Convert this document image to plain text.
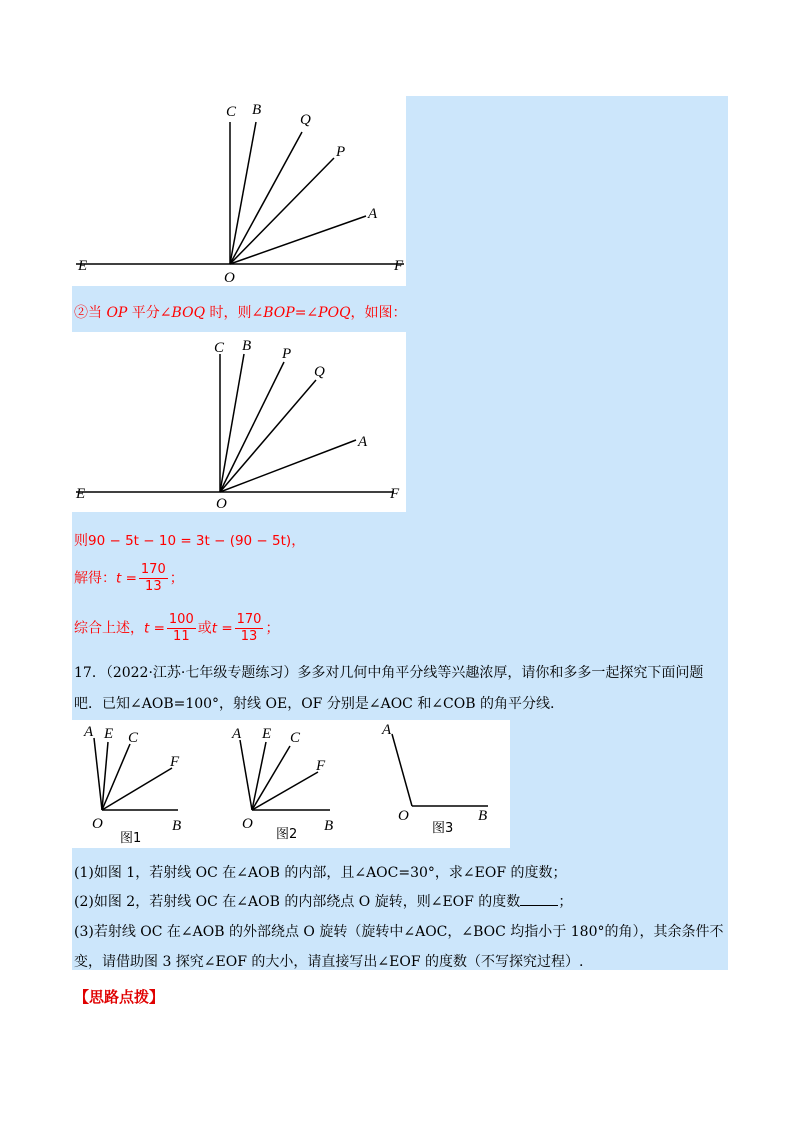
C B
Q
P
A
E
O
F
②当 OP 平分∠BOQ 时，则∠BOP=∠POQ，如图：
C B P
Q
A
E
O
F
则90 − 5t − 10 = 3t − (90 − 5t)，
解得：$t = \frac{170}{13}$ ；
综合上述，$t = \frac{100}{11}$ 或$t = \frac{170}{13}$ ；
17．（2022·江苏·七年级专题练习）多多对几何中角平分线等兴趣浓厚，请你和多多一起探究下面问题
吧．已知∠AOB=100°，射线 OE，OF 分别是∠AOC 和∠COB 的角平分线.
A E C
F
O	B
图1
A E C
F
O	B
图2
A
O	B
图3
(1)如图 1，若射线 OC 在∠AOB 的内部，且∠AOC=30°，求∠EOF 的度数；
(2)如图 2，若射线 OC 在∠AOB 的内部绕点 O 旋转，则∠EOF 的度数	；
(3)若射线 OC 在∠AOB 的外部绕点 O 旋转（旋转中∠AOC，∠BOC 均指小于 180°的角），其余条件不
变，请借助图 3 探究∠EOF 的大小，请直接写出∠EOF 的度数（不写探究过程）.
【思路点拨】
